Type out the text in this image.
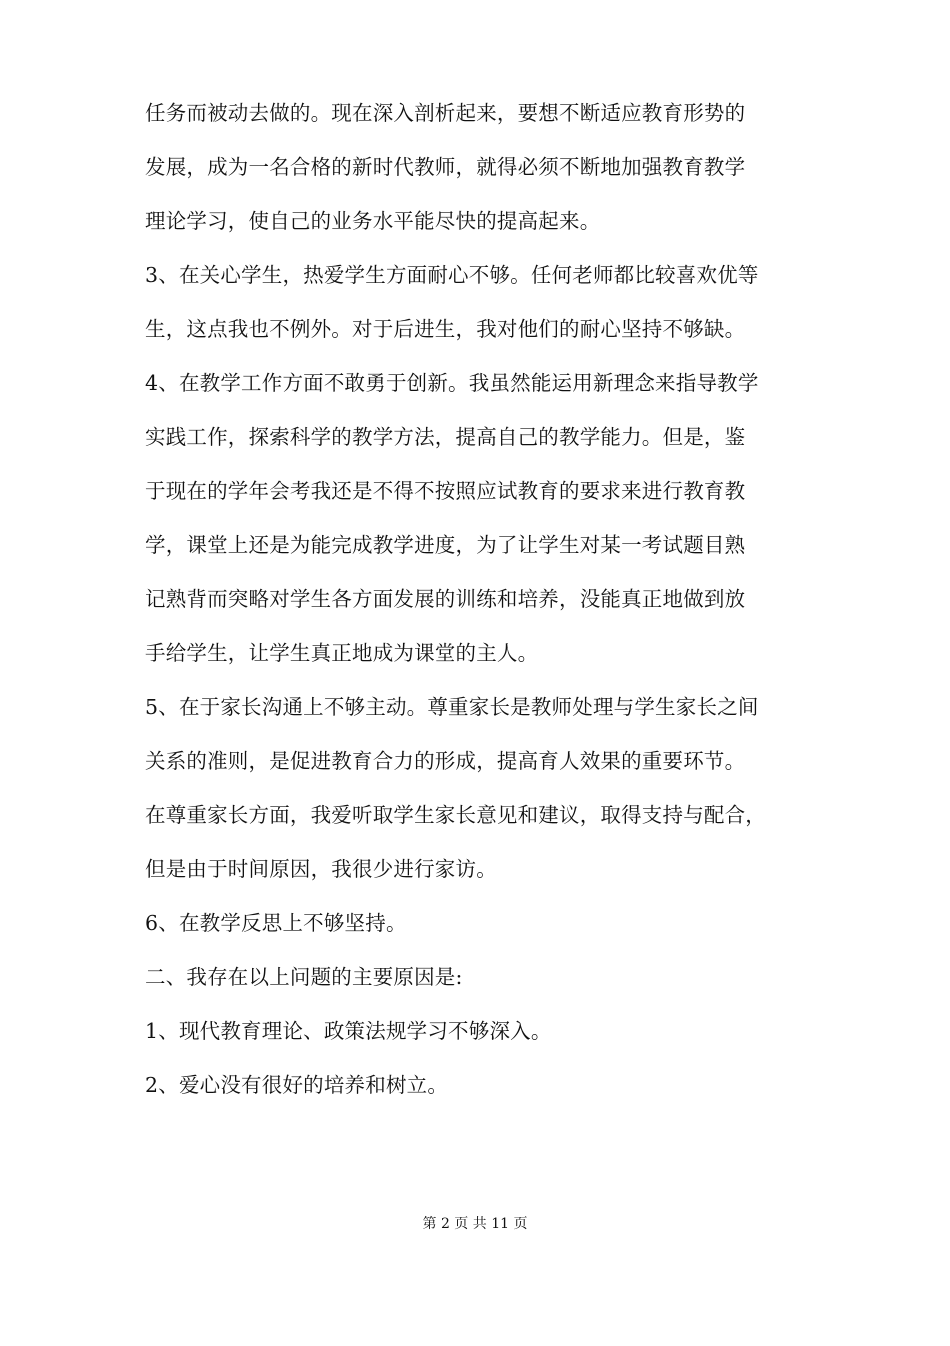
任务而被动去做的。现在深入剖析起来，要想不断适应教育形势的
发展，成为一名合格的新时代教师，就得必须不断地加强教育教学
理论学习，使自己的业务水平能尽快的提高起来。
3、在关心学生，热爱学生方面耐心不够。任何老师都比较喜欢优等
生，这点我也不例外。对于后进生，我对他们的耐心坚持不够缺。
4、在教学工作方面不敢勇于创新。我虽然能运用新理念来指导教学
实践工作，探索科学的教学方法，提高自己的教学能力。但是，鉴
于现在的学年会考我还是不得不按照应试教育的要求来进行教育教
学，课堂上还是为能完成教学进度，为了让学生对某一考试题目熟
记熟背而突略对学生各方面发展的训练和培养，没能真正地做到放
手给学生，让学生真正地成为课堂的主人。
5、在于家长沟通上不够主动。尊重家长是教师处理与学生家长之间
关系的准则，是促进教育合力的形成，提高育人效果的重要环节。
在尊重家长方面，我爱听取学生家长意见和建议，取得支持与配合，
但是由于时间原因，我很少进行家访。
6、在教学反思上不够坚持。
二、我存在以上问题的主要原因是:
1、现代教育理论、政策法规学习不够深入。
2、爱心没有很好的培养和树立。
第 2 页 共 11 页
